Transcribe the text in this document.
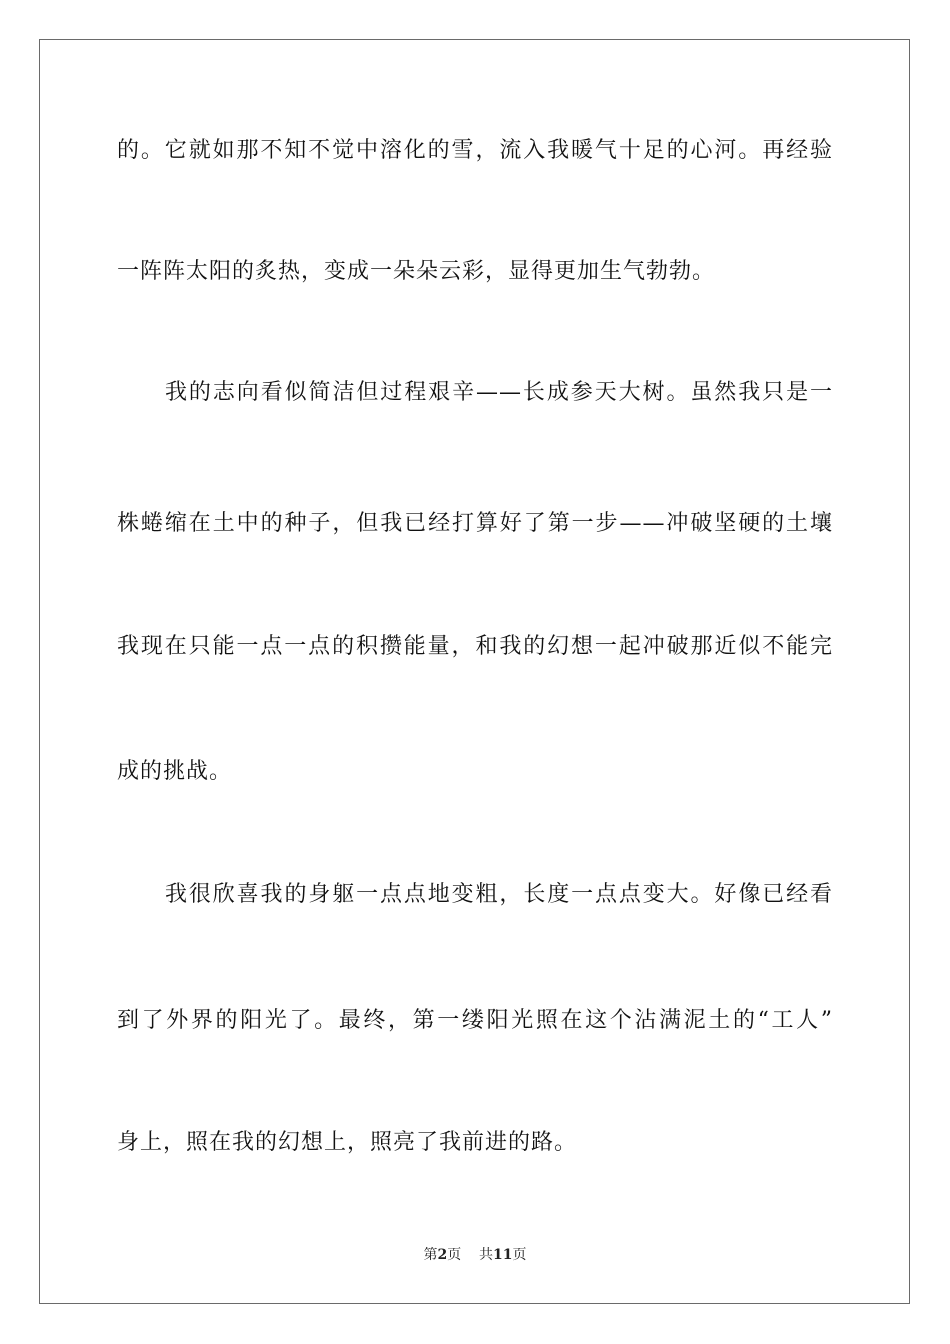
的。它就如那不知不觉中溶化的雪，流入我暖气十足的心河。再经验
一阵阵太阳的炙热，变成一朵朵云彩，显得更加生气勃勃。
我的志向看似简洁但过程艰辛——长成参天大树。虽然我只是一
株蜷缩在土中的种子，但我已经打算好了第一步——冲破坚硬的土壤
我现在只能一点一点的积攒能量，和我的幻想一起冲破那近似不能完
成的挑战。
我很欣喜我的身躯一点点地变粗，长度一点点变大。好像已经看
到了外界的阳光了。最终，第一缕阳光照在这个沾满泥土的“工人”
身上，照在我的幻想上，照亮了我前进的路。
第2页 共11页
